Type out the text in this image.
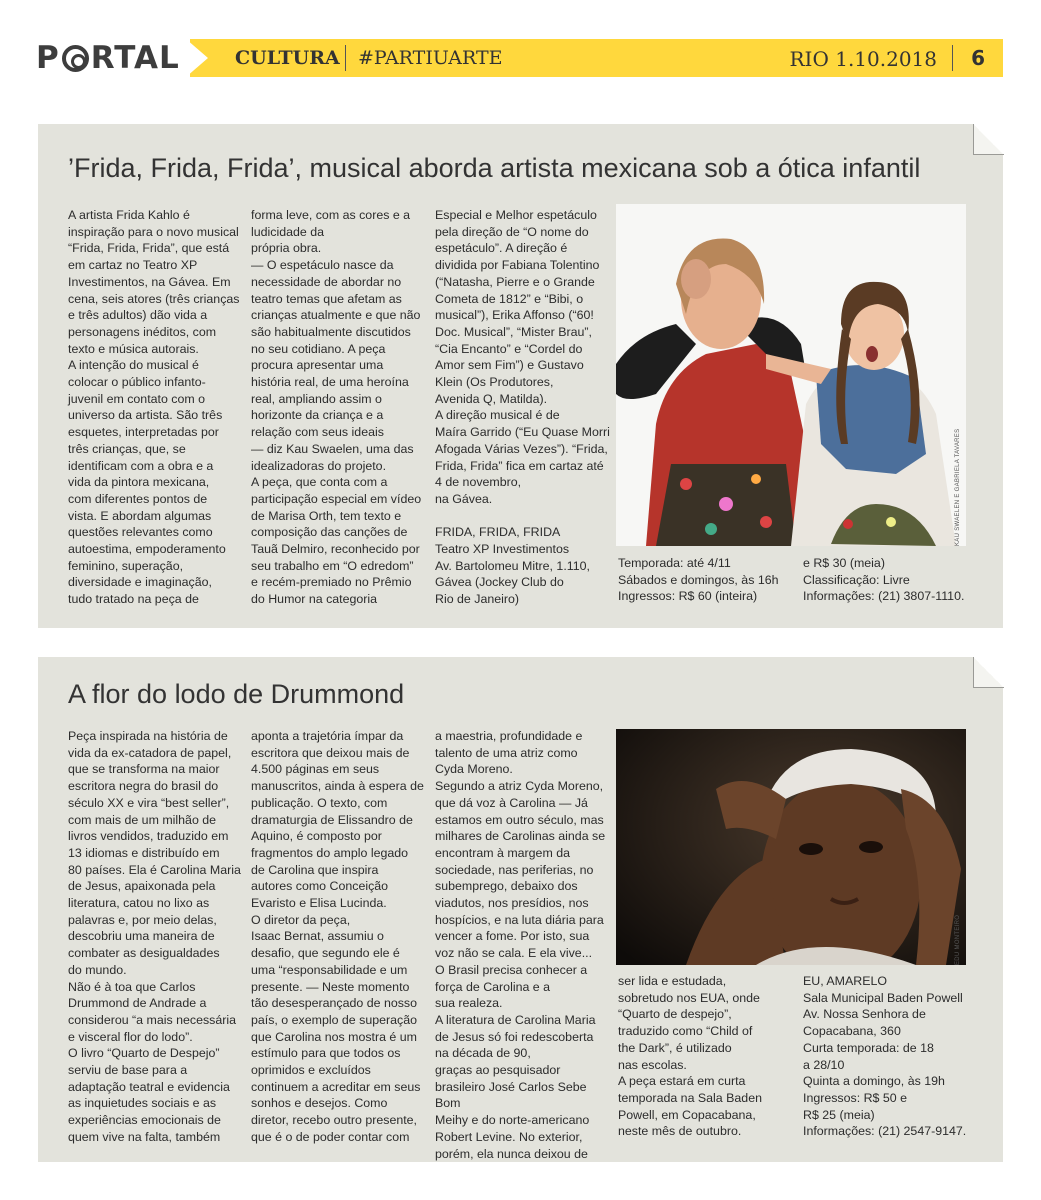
P RTAL	CULTURA #PARTIUARTE	RIO 1.10.2018 6
’Frida, Frida, Frida’, musical aborda artista mexicana sob a ótica infantil

A artista Frida Kahlo é

inspiração para o novo musical

“Frida, Frida, Frida”, que está

em cartaz no Teatro XP

Investimentos, na Gávea. Em

cena, seis atores (três crianças

e três adultos) dão vida a

personagens inéditos, com

texto e música autorais.

A intenção do musical é

colocar o público infanto-

juvenil em contato com o

universo da artista. São três

esquetes, interpretadas por

três crianças, que, se

identificam com a obra e a

vida da pintora mexicana,

com diferentes pontos de

vista. E abordam algumas

questões relevantes como

autoestima, empoderamento

feminino, superação,

diversidade e imaginação,

tudo tratado na peça de

forma leve, com as cores e a

ludicidade da

própria obra.

— O espetáculo nasce da

necessidade de abordar no

teatro temas que afetam as

crianças atualmente e que não

são habitualmente discutidos

no seu cotidiano. A peça

procura apresentar uma

história real, de uma heroína

real, ampliando assim o

horizonte da criança e a

relação com seus ideais

— diz Kau Swaelen, uma das

idealizadoras do projeto.

A peça, que conta com a

participação especial em vídeo

de Marisa Orth, tem texto e

composição das canções de

Tauã Delmiro, reconhecido por

seu trabalho em “O edredom”

e recém-premiado no Prêmio

do Humor na categoria

Especial e Melhor espetáculo

pela direção de “O nome do

espetáculo”. A direção é

dividida por Fabiana Tolentino

(“Natasha, Pierre e o Grande

Cometa de 1812” e “Bibi, o

musical”), Erika Affonso (“60!

Doc. Musical”, “Mister Brau”,

“Cia Encanto” e “Cordel do

Amor sem Fim”) e Gustavo

Klein (Os Produtores,

Avenida Q, Matilda).

A direção musical é de

Maíra Garrido (“Eu Quase Morri

Afogada Várias Vezes”). “Frida,

Frida, Frida” fica em cartaz até

4 de novembro,

na Gávea.

FRIDA, FRIDA, FRIDA

Teatro XP Investimentos

Av. Bartolomeu Mitre, 1.110,

Gávea (Jockey Club do

Rio de Janeiro)

KAU SWAELEN E GABRIELA TAVARES

Temporada: até 4/11

Sábados e domingos, às 16h

Ingressos: R$ 60 (inteira)

e R$ 30 (meia)

Classificação: Livre

Informações: (21) 3807-1110.

A flor do lodo de Drummond

Peça inspirada na história de

vida da ex-catadora de papel,

que se transforma na maior

escritora negra do brasil do

século XX e vira “best seller”,

com mais de um milhão de

livros vendidos, traduzido em

13 idiomas e distribuído em

80 países. Ela é Carolina Maria

de Jesus, apaixonada pela

literatura, catou no lixo as

palavras e, por meio delas,

descobriu uma maneira de

combater as desigualdades

do mundo.

Não é à toa que Carlos

Drummond de Andrade a

considerou “a mais necessária

e visceral flor do lodo”.

O livro “Quarto de Despejo”

serviu de base para a

adaptação teatral e evidencia

as inquietudes sociais e as

experiências emocionais de

quem vive na falta, também

aponta a trajetória ímpar da

escritora que deixou mais de

4.500 páginas em seus

manuscritos, ainda à espera de

publicação. O texto, com

dramaturgia de Elissandro de

Aquino, é composto por

fragmentos do amplo legado

de Carolina que inspira

autores como Conceição

Evaristo e Elisa Lucinda.

O diretor da peça,

Isaac Bernat, assumiu o

desafio, que segundo ele é

uma “responsabilidade e um

presente. — Neste momento

tão desesperançado de nosso

país, o exemplo de superação

que Carolina nos mostra é um

estímulo para que todos os

oprimidos e excluídos

continuem a acreditar em seus

sonhos e desejos. Como

diretor, recebo outro presente,

que é o de poder contar com

a maestria, profundidade e

talento de uma atriz como

Cyda Moreno.

Segundo a atriz Cyda Moreno,

que dá voz à Carolina — Já

estamos em outro século, mas

milhares de Carolinas ainda se

encontram à margem da

sociedade, nas periferias, no

subemprego, debaixo dos

viadutos, nos presídios, nos

hospícios, e na luta diária para

vencer a fome. Por isto, sua

voz não se cala. E ela vive...

O Brasil precisa conhecer a

força de Carolina e a

sua realeza.

A literatura de Carolina Maria

de Jesus só foi redescoberta

na década de 90,

graças ao pesquisador

brasileiro José Carlos Sebe Bom

Meihy e do norte-americano

Robert Levine. No exterior,

porém, ela nunca deixou de

EDU MONTEIRO

ser lida e estudada,

sobretudo nos EUA, onde

“Quarto de despejo”,

traduzido como “Child of

the Dark”, é utilizado

nas escolas.

A peça estará em curta

temporada na Sala Baden

Powell, em Copacabana,

neste mês de outubro.

EU, AMARELO

Sala Municipal Baden Powell

Av. Nossa Senhora de

Copacabana, 360

Curta temporada: de 18

a 28/10

Quinta a domingo, às 19h

Ingressos: R$ 50 e

R$ 25 (meia)

Informações: (21) 2547-9147.
